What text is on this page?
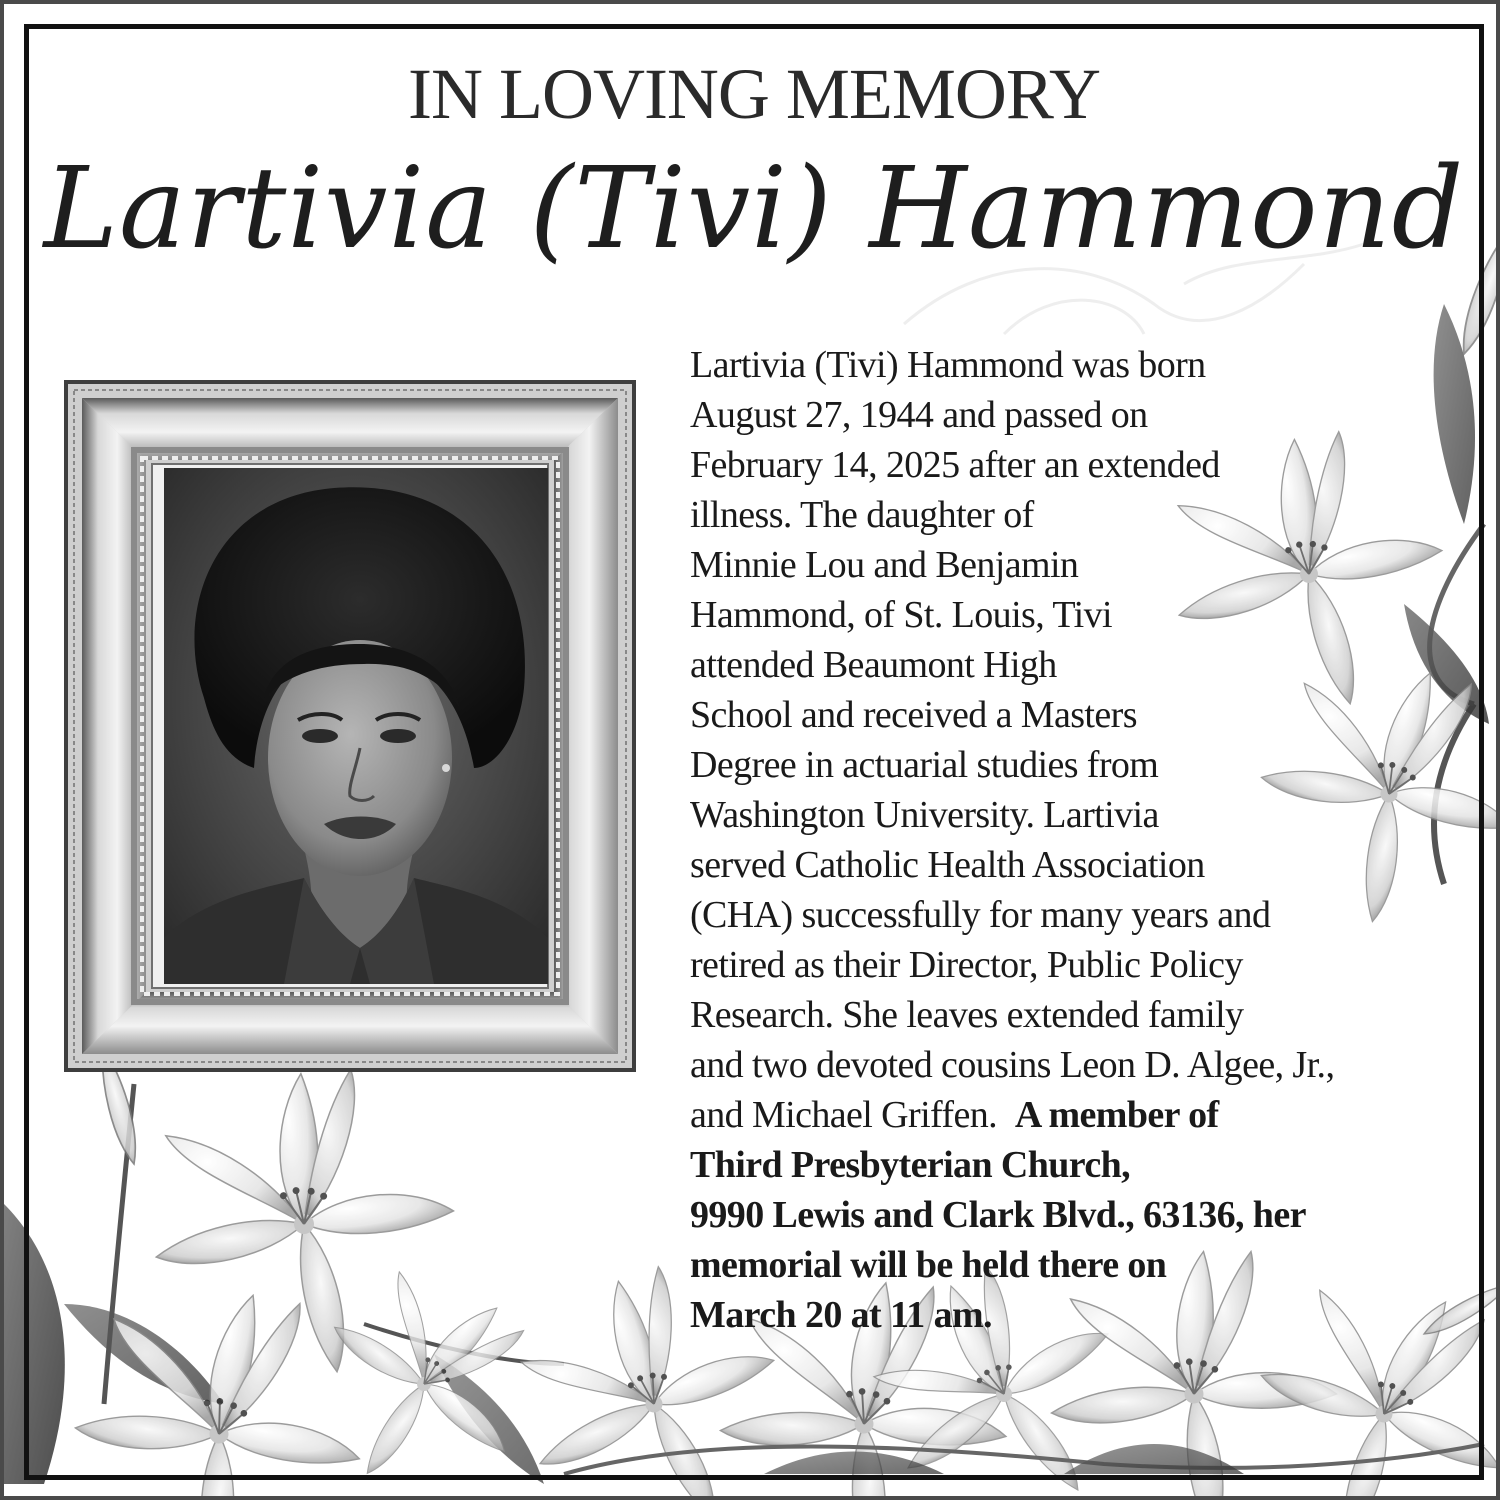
IN LOVING MEMORY
Lartivia (Tivi) Hammond
Lartivia (Tivi) Hammond was born
August 27, 1944 and passed on
February 14, 2025 after an extended
illness. The daughter of
Minnie Lou and Benjamin
Hammond, of St. Louis, Tivi
attended Beaumont High
School and received a Masters
Degree in actuarial studies from
Washington University. Lartivia
served Catholic Health Association
(CHA) successfully for many years and
retired as their Director, Public Policy
Research. She leaves extended family
and two devoted cousins Leon D. Algee, Jr.,
and Michael Griffen.  A member of
Third Presbyterian Church,
9990 Lewis and Clark Blvd., 63136, her
memorial will be held there on
March 20 at 11 am.
